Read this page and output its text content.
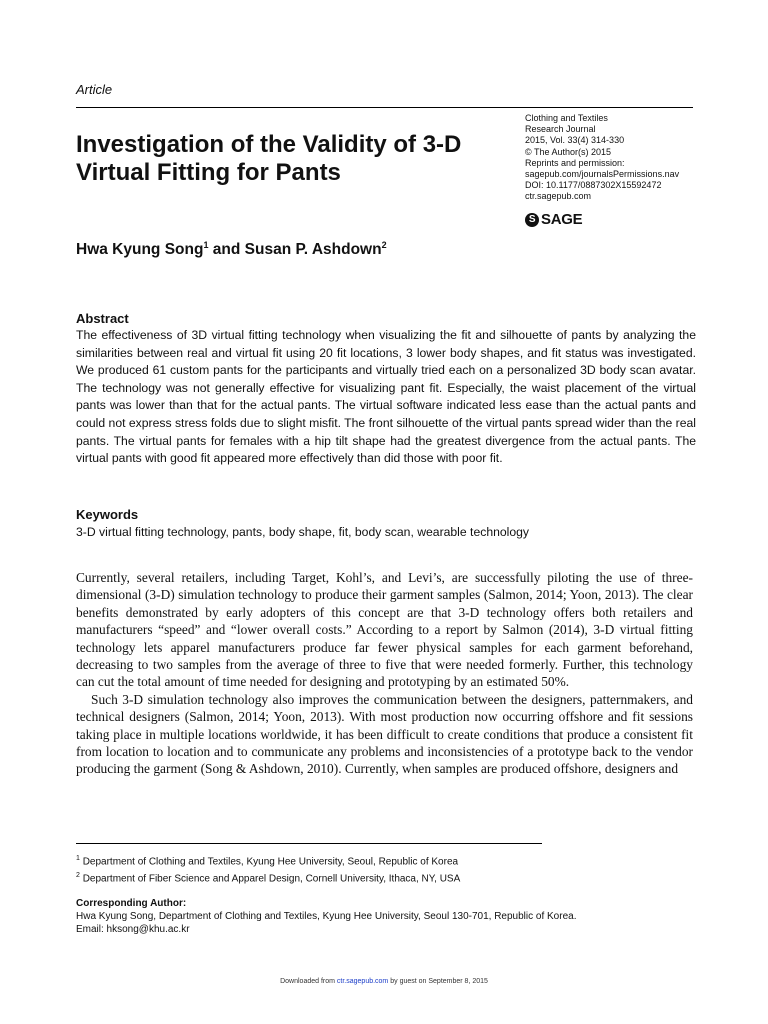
Article
Investigation of the Validity of 3-D Virtual Fitting for Pants
Clothing and Textiles
Research Journal
2015, Vol. 33(4) 314-330
© The Author(s) 2015
Reprints and permission:
sagepub.com/journalsPermissions.nav
DOI: 10.1177/0887302X15592472
ctr.sagepub.com
S SAGE
Hwa Kyung Song$^1$ and Susan P. Ashdown$^2$
Abstract
The effectiveness of 3D virtual fitting technology when visualizing the fit and silhouette of pants by analyzing the similarities between real and virtual fit using 20 fit locations, 3 lower body shapes, and fit status was investigated. We produced 61 custom pants for the participants and virtually tried each on a personalized 3D body scan avatar. The technology was not generally effective for visualizing pant fit. Especially, the waist placement of the virtual pants was lower than that for the actual pants. The virtual software indicated less ease than the actual pants and could not express stress folds due to slight misfit. The front silhouette of the virtual pants spread wider than the real pants. The virtual pants for females with a hip tilt shape had the greatest divergence from the actual pants. The virtual pants with good fit appeared more effectively than did those with poor fit.
Keywords
3-D virtual fitting technology, pants, body shape, fit, body scan, wearable technology

Currently, several retailers, including Target, Kohl’s, and Levi’s, are successfully piloting the use of three-dimensional (3-D) simulation technology to produce their garment samples (Salmon, 2014; Yoon, 2013). The clear benefits demonstrated by early adopters of this concept are that 3-D technology offers both retailers and manufacturers “speed” and “lower overall costs.” According to a report by Salmon (2014), 3-D virtual fitting technology lets apparel manufacturers produce far fewer physical samples for each garment beforehand, decreasing to two samples from the average of three to five that were needed formerly. Further, this technology can cut the total amount of time needed for designing and prototyping by an estimated 50%.

Such 3-D simulation technology also improves the communication between the designers, patternmakers, and technical designers (Salmon, 2014; Yoon, 2013). With most production now occurring offshore and fit sessions taking place in multiple locations worldwide, it has been difficult to create conditions that produce a consistent fit from location to location and to communicate any problems and inconsistencies of a prototype back to the vendor producing the garment (Song & Ashdown, 2010). Currently, when samples are produced offshore, designers and

$^1$ Department of Clothing and Textiles, Kyung Hee University, Seoul, Republic of Korea
$^2$ Department of Fiber Science and Apparel Design, Cornell University, Ithaca, NY, USA
Corresponding Author:
Hwa Kyung Song, Department of Clothing and Textiles, Kyung Hee University, Seoul 130-701, Republic of Korea.
Email: hksong@khu.ac.kr
Downloaded from ctr.sagepub.com by guest on September 8, 2015
